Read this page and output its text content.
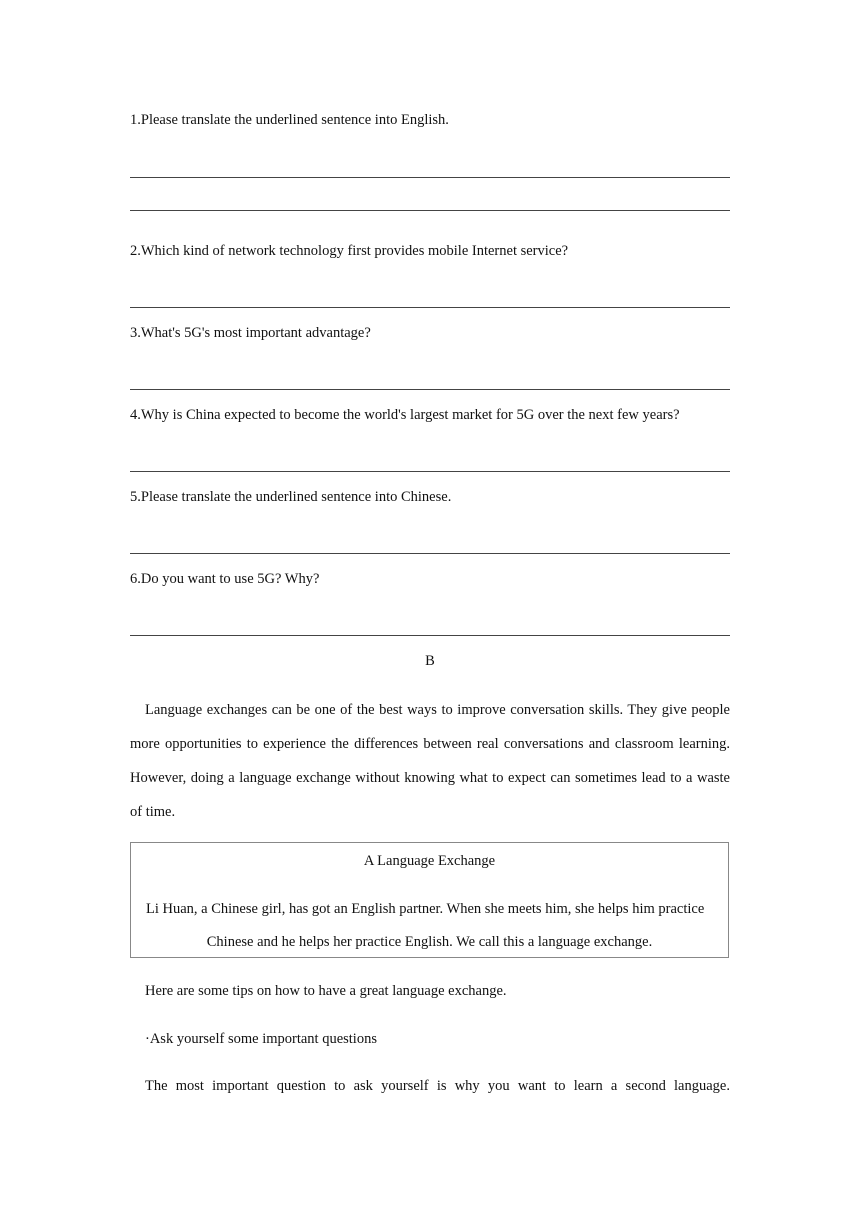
1.Please translate the underlined sentence into English.
2.Which kind of network technology first provides mobile Internet service?
3.What's 5G's most important advantage?
4.Why is China expected to become the world's largest market for 5G over the next few years?
5.Please translate the underlined sentence into Chinese.
6.Do you want to use 5G? Why?
B
Language exchanges can be one of the best ways to improve conversation skills. They give people more opportunities to experience the differences between real conversations and classroom learning. However, doing a language exchange without knowing what to expect can sometimes lead to a waste of time.
A Language Exchange
Li Huan, a Chinese girl, has got an English partner. When she meets him, she helps him practice
Chinese and he helps her practice English. We call this a language exchange.
Here are some tips on how to have a great language exchange.
·Ask yourself some important questions
The most important question to ask yourself is why you want to learn a second language.
